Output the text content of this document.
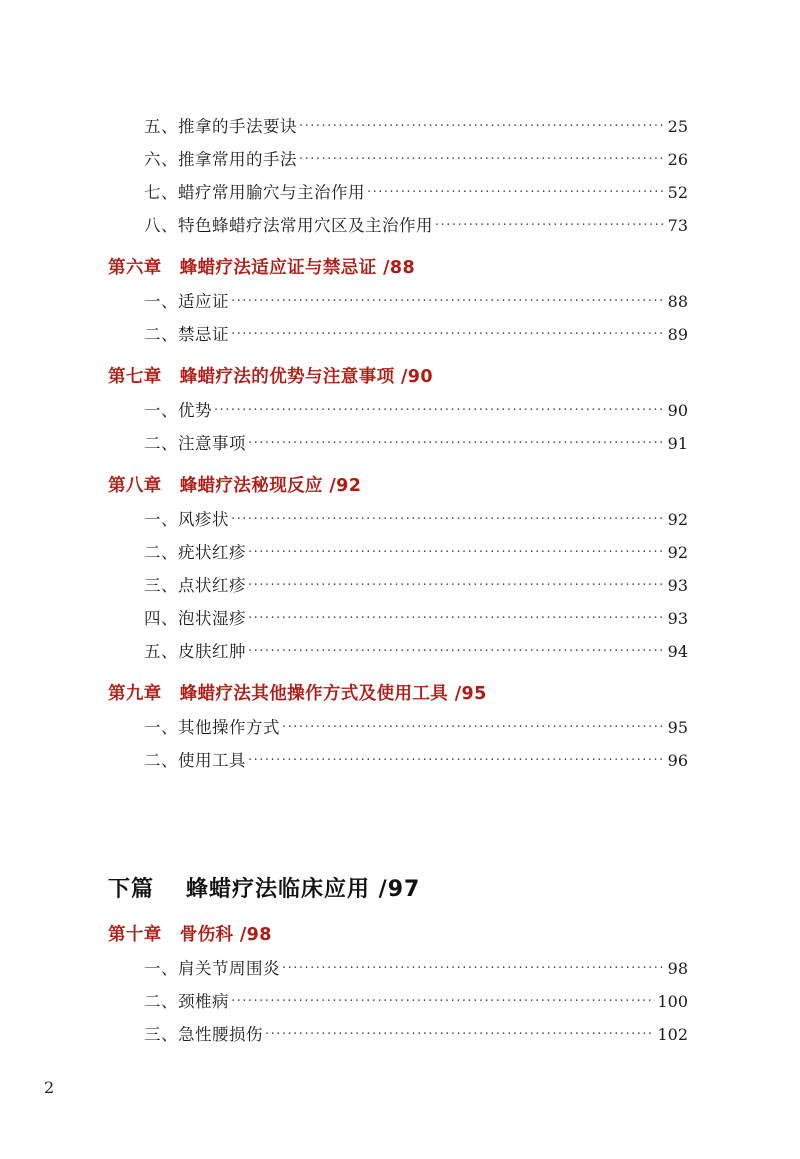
五、推拿的手法要诀 ·····	25
六、推拿常用的手法 ·····	26
七、蜡疗常用腧穴与主治作用 ·····	52
八、特色蜂蜡疗法常用穴区及主治作用 ·····	73
第六章 蜂蜡疗法适应证与禁忌证 /88
一、适应证 ·····	88
二、禁忌证 ·····	89
第七章 蜂蜡疗法的优势与注意事项 /90
一、优势 ·····	90
二、注意事项 ·····	91
第八章 蜂蜡疗法秘现反应 /92
一、风疹状 ·····	92
二、疣状红疹 ·····	92
三、点状红疹 ·····	93
四、泡状湿疹 ·····	93
五、皮肤红肿 ·····	94
第九章 蜂蜡疗法其他操作方式及使用工具 /95
一、其他操作方式 ·····	95
二、使用工具 ·····	96
下篇 蜂蜡疗法临床应用 /97
第十章 骨伤科 /98
一、肩关节周围炎 ·····	98
二、颈椎病 ·····	100
三、急性腰损伤 ·····	102
2
